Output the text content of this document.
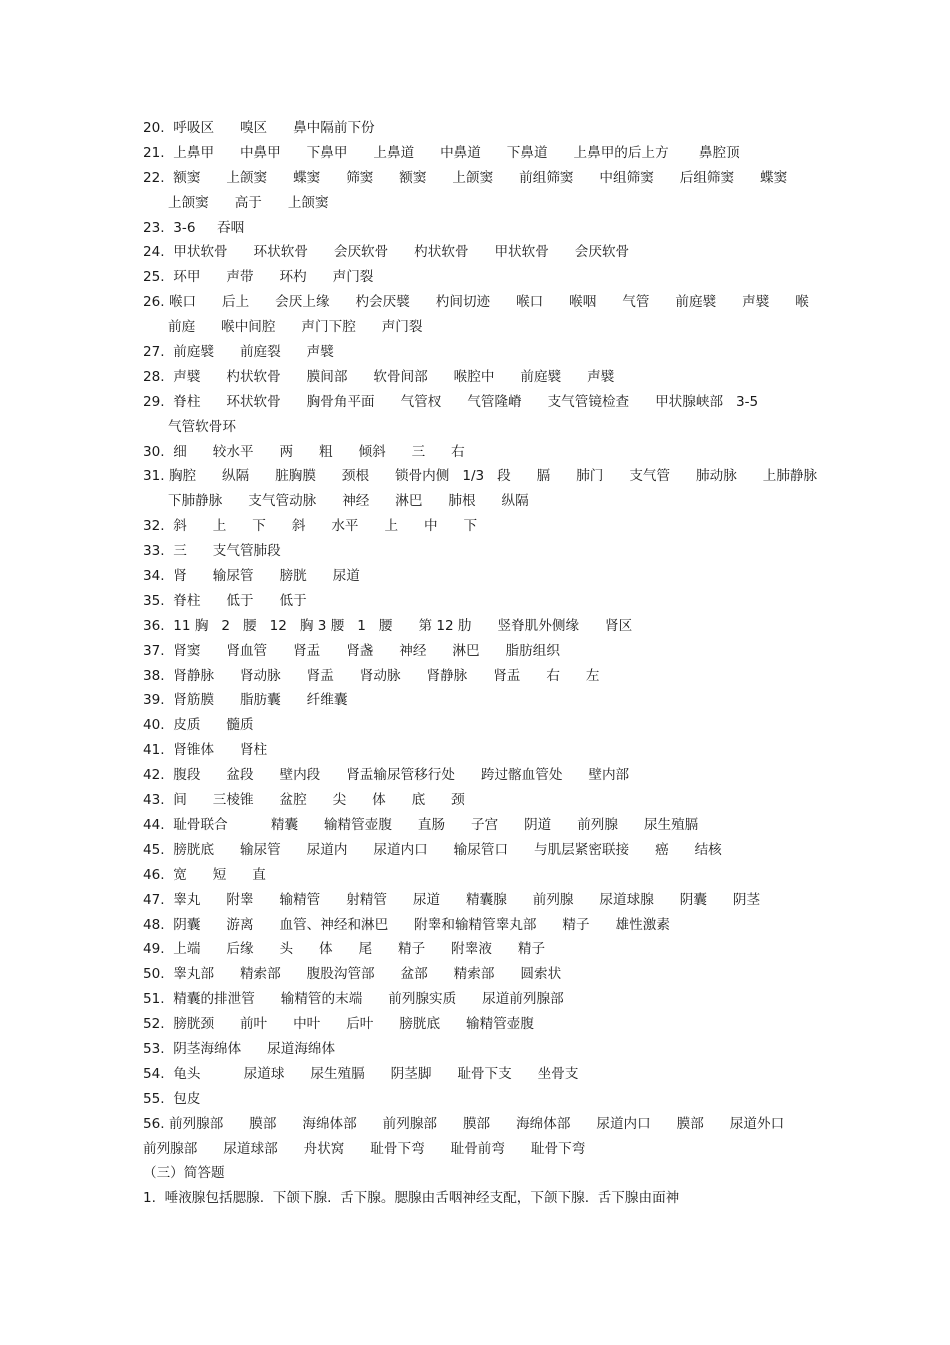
20.  呼吸区      嗅区      鼻中隔前下份
21.  上鼻甲      中鼻甲      下鼻甲      上鼻道      中鼻道      下鼻道      上鼻甲的后上方       鼻腔顶
22.  额窦      上颌窦      蝶窦      筛窦      额窦      上颌窦      前组筛窦      中组筛窦      后组筛窦      蝶窦
上颌窦      高于      上颌窦
23.  3-6     吞咽
24.  甲状软骨      环状软骨      会厌软骨      杓状软骨      甲状软骨      会厌软骨
25.  环甲      声带      环杓      声门裂
26. 喉口      后上      会厌上缘      杓会厌襞      杓间切迹      喉口      喉咽      气管      前庭襞      声襞      喉
前庭      喉中间腔      声门下腔      声门裂
27.  前庭襞      前庭裂      声襞
28.  声襞      杓状软骨      膜间部      软骨间部      喉腔中      前庭襞      声襞
29.  脊柱      环状软骨      胸骨角平面      气管杈      气管隆嵴      支气管镜检查      甲状腺峡部   3-5
气管软骨环
30.  细      较水平      两      粗      倾斜      三      右
31. 胸腔      纵隔      脏胸膜      颈根      锁骨内侧   1/3   段      膈      肺门      支气管      肺动脉      上肺静脉
下肺静脉      支气管动脉      神经      淋巴      肺根      纵隔
32.  斜      上      下      斜      水平      上      中      下
33.  三      支气管肺段
34.  肾      输尿管      膀胱      尿道
35.  脊柱      低于      低于
36.  11 胸   2   腰   12   胸 3 腰   1   腰      第 12 肋      竖脊肌外侧缘      肾区
37.  肾窦      肾血管      肾盂      肾盏      神经      淋巴      脂肪组织
38.  肾静脉      肾动脉      肾盂      肾动脉      肾静脉      肾盂      右      左
39.  肾筋膜      脂肪囊      纤维囊
40.  皮质      髓质
41.  肾锥体      肾柱
42.  腹段      盆段      壁内段      肾盂输尿管移行处      跨过髂血管处      壁内部
43.  间      三棱锥      盆腔      尖      体      底      颈
44.  耻骨联合          精囊      输精管壶腹      直肠      子宫      阴道      前列腺      尿生殖膈
45.  膀胱底      输尿管      尿道内      尿道内口      输尿管口      与肌层紧密联接      癌      结核
46.  宽      短      直
47.  睾丸      附睾      输精管      射精管      尿道      精囊腺      前列腺      尿道球腺      阴囊      阴茎
48.  阴囊      游离      血管、神经和淋巴      附睾和输精管睾丸部      精子      雄性激素
49.  上端      后缘      头      体      尾      精子      附睾液      精子
50.  睾丸部      精索部      腹股沟管部      盆部      精索部      圆索状
51.  精囊的排泄管      输精管的末端      前列腺实质      尿道前列腺部
52.  膀胱颈      前叶      中叶      后叶      膀胱底      输精管壶腹
53.  阴茎海绵体      尿道海绵体
54.  龟头          尿道球      尿生殖膈      阴茎脚      耻骨下支      坐骨支
55.  包皮
56. 前列腺部      膜部      海绵体部      前列腺部      膜部      海绵体部      尿道内口      膜部      尿道外口
前列腺部      尿道球部      舟状窝      耻骨下弯      耻骨前弯      耻骨下弯
（三）简答题
1.  唾液腺包括腮腺.  下颌下腺.  舌下腺。腮腺由舌咽神经支配，下颌下腺.  舌下腺由面神
